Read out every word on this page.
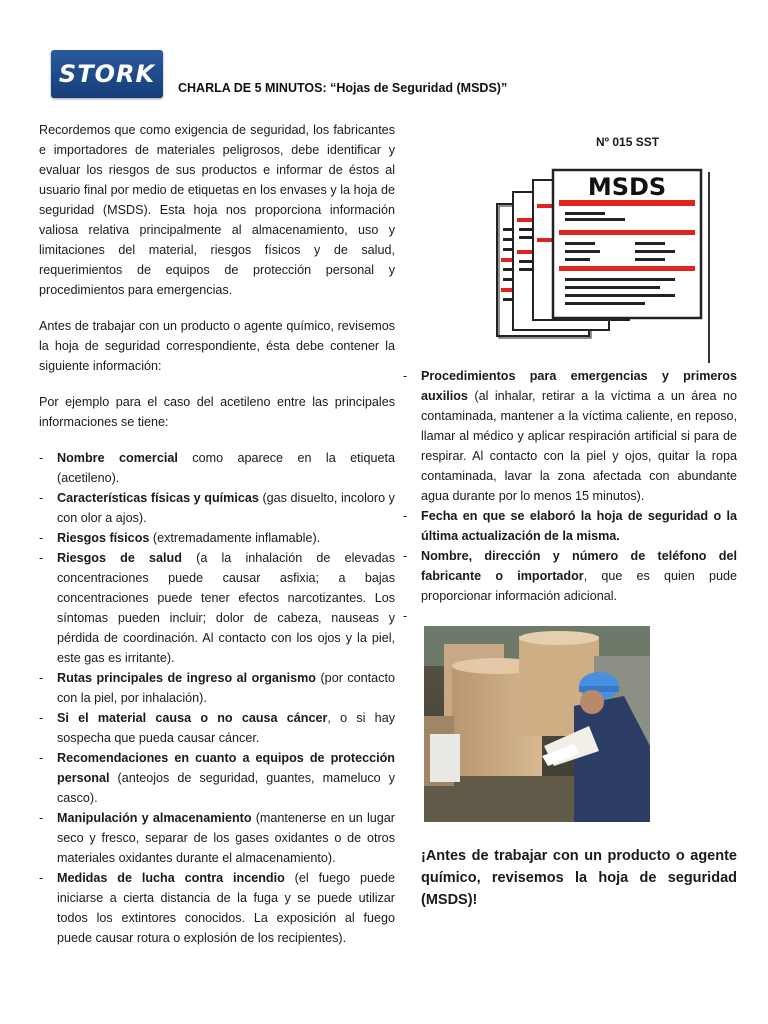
STORK CHARLA DE 5 MINUTOS: “Hojas de Seguridad (MSDS)”

Recordemos que como exigencia de seguridad, los fabricantes e importadores de materiales peligrosos, debe identificar y evaluar los riesgos de sus productos e informar de éstos al usuario final por medio de etiquetas en los envases y la hoja de seguridad (MSDS). Esta hoja nos proporciona información valiosa relativa principalmente al almacenamiento, uso y limitaciones del material, riesgos físicos y de salud, requerimientos de equipos de protección personal y procedimientos para emergencias.

Antes de trabajar con un producto o agente químico, revisemos la hoja de seguridad correspondiente, ésta debe contener la siguiente información:

Por ejemplo para el caso del acetileno entre las principales informaciones se tiene:

- Nombre comercial como aparece en la etiqueta (acetileno).
- Características físicas y químicas (gas disuelto, incoloro y con olor a ajos).
- Riesgos físicos (extremadamente inflamable).
- Riesgos de salud (a la inhalación de elevadas concentraciones puede causar asfixia; a bajas concentraciones puede tener efectos narcotizantes. Los síntomas pueden incluir; dolor de cabeza, nauseas y pérdida de coordinación. Al contacto con los ojos y la piel, este gas es irritante).
- Rutas principales de ingreso al organismo (por contacto con la piel, por inhalación).
- Si el material causa o no causa cáncer, o si hay sospecha que pueda causar cáncer.
- Recomendaciones en cuanto a equipos de protección personal (anteojos de seguridad, guantes, mameluco y casco).
- Manipulación y almacenamiento (mantenerse en un lugar seco y fresco, separar de los gases oxidantes o de otros materiales oxidantes durante el almacenamiento).
- Medidas de lucha contra incendio (el fuego puede iniciarse a cierta distancia de la fuga y se puede utilizar todos los extintores conocidos. La exposición al fuego puede causar rotura o explosión de los recipientes).
Nº 015 SST
MSDS
- Procedimientos para emergencias y primeros auxilios (al inhalar, retirar a la víctima a un área no contaminada, mantener a la víctima caliente, en reposo, llamar al médico y aplicar respiración artificial si para de respirar. Al contacto con la piel y ojos, quitar la ropa contaminada, lavar la zona afectada con abundante agua durante por lo menos 15 minutos).
- Fecha en que se elaboró la hoja de seguridad o la última actualización de la misma.
- Nombre, dirección y número de teléfono del fabricante o importador, que es quien pude proporcionar información adicional.
-
¡Antes de trabajar con un producto o agente químico, revisemos la hoja de seguridad (MSDS)!
